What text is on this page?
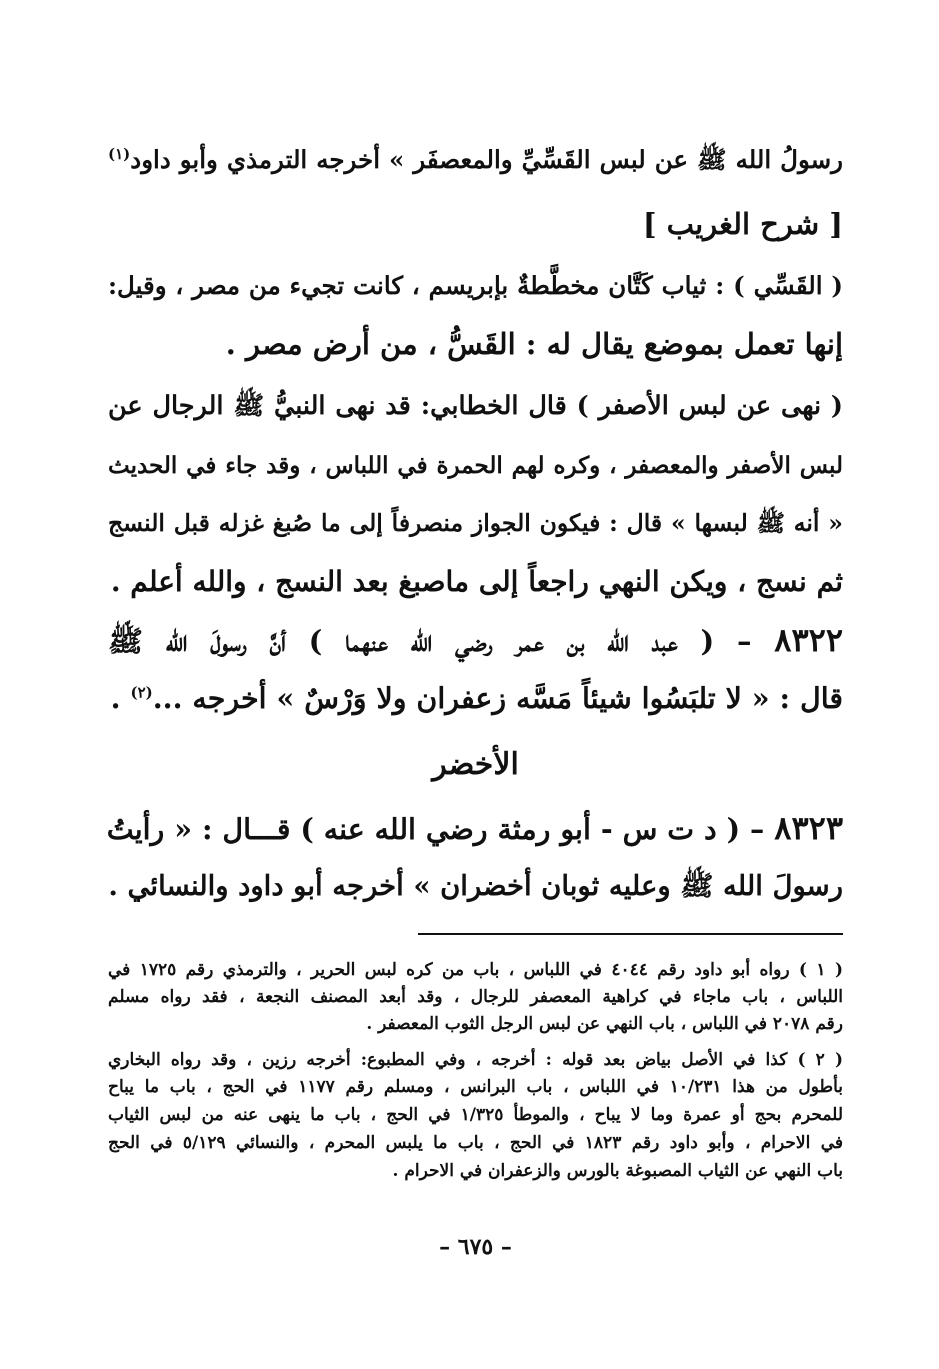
رسولُ الله ﷺ عن لبس القَسِّيِّ والمعصفَر » أخرجه الترمذي وأبو داود$^{(١)}$
[ شرح الغريب ]
( القَسِّي ) : ثياب كَتَّان مخطَّطةٌ بإبريسم ، كانت تجيء من مصر ، وقيل:
إنها تعمل بموضع يقال له : القَسُّ ، من أرض مصر .
( نهى عن لبس الأصفر ) قال الخطابي: قد نهى النبيُّ ﷺ الرجال عن
لبس الأصفر والمعصفر ، وكره لهم الحمرة في اللباس ، وقد جاء في الحديث
« أنه ﷺ لبسها » قال : فيكون الجواز منصرفاً إلى ما صُبغ غزله قبل النسج
ثم نسج ، ويكن النهي راجعاً إلى ماصبغ بعد النسج ، والله أعلم .
٨٣٢٢ – ( عبد الله بن عمر رضي الله عنهما ) أنَّ رسولَ الله ﷺ
قال : « لا تلبَسُوا شيئاً مَسَّه زعفران ولا وَرْسٌ » أخرجه ...$^{(٢)}$ .
الأخضر
٨٣٢٣ – ( د ت س - أبو رمثة رضي الله عنه ) قـــال : « رأيتُ
رسولَ الله ﷺ وعليه ثوبان أخضران » أخرجه أبو داود والنسائي .
( ١ ) رواه أبو داود رقم ٤٠٤٤ في اللباس ، باب من كره لبس الحرير ، والترمذي رقم ١٧٢٥ في
اللباس ، باب ماجاء في كراهية المعصفر للرجال ، وقد أبعد المصنف النجعة ، فقد رواه مسلم
رقم ٢٠٧٨ في اللباس ، باب النهي عن لبس الرجل الثوب المعصفر .
( ٢ ) كذا في الأصل بياض بعد قوله : أخرجه ، وفي المطبوع: أخرجه رزين ، وقد رواه البخاري
بأطول من هذا ١٠/٢٣١ في اللباس ، باب البرانس ، ومسلم رقم ١١٧٧ في الحج ، باب ما يباح
للمحرم بحج أو عمرة وما لا يباح ، والموطأ ١/٣٢٥ في الحج ، باب ما ينهى عنه من لبس الثياب
في الاحرام ، وأبو داود رقم ١٨٢٣ في الحج ، باب ما يلبس المحرم ، والنسائي ٥/١٢٩ في الحج
باب النهي عن الثياب المصبوغة بالورس والزعفران في الاحرام .
– ٦٧٥ –
